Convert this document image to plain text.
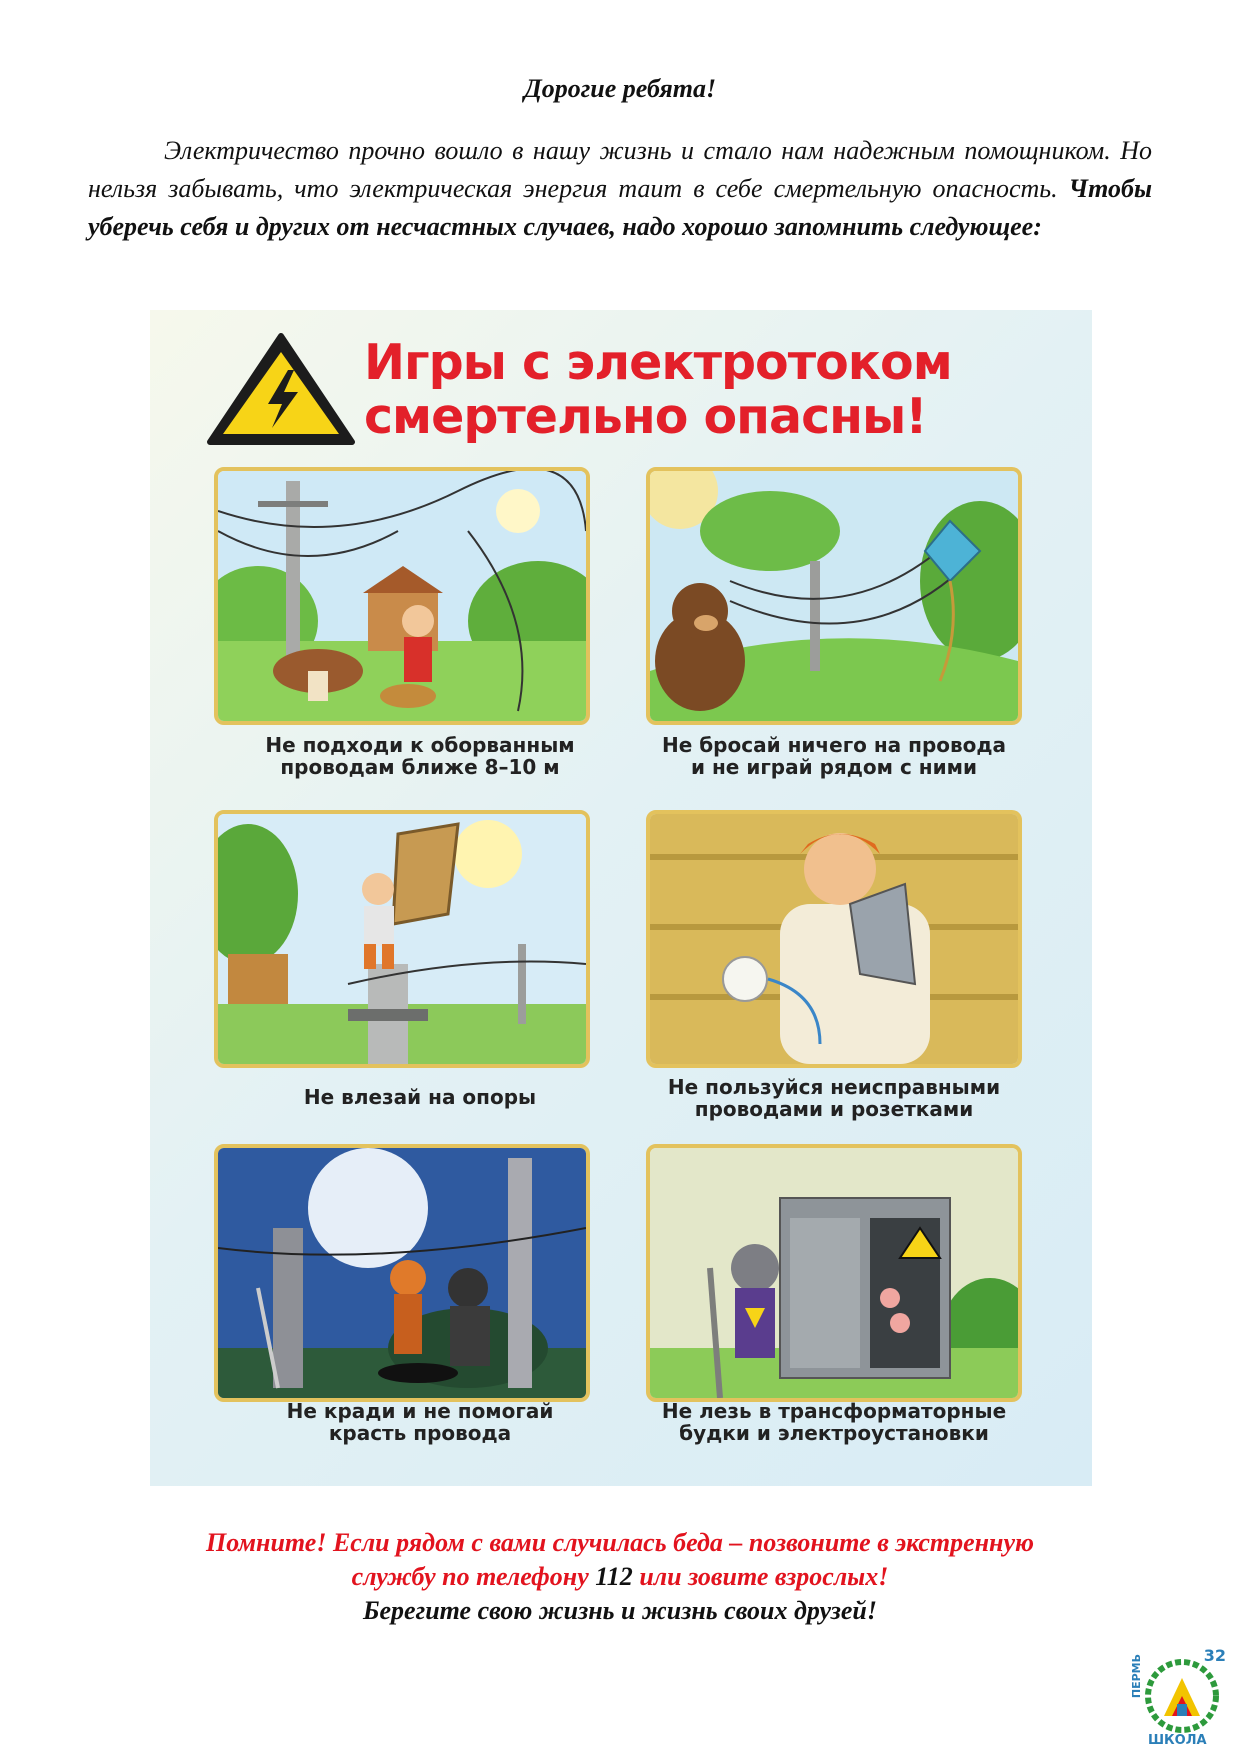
Дорогие ребята!
Электричество прочно вошло в нашу жизнь и стало нам надежным помощником. Но нельзя забывать, что электрическая энергия таит в себе смертельную опасность. Чтобы уберечь себя и других от несчастных случаев, надо хорошо запомнить следующее:
Игры с электротоком
смертельно опасны!
Не подходи к оборванным
проводам ближе 8–10 м
Не бросай ничего на провода
и не играй рядом с ними
Не влезай на опоры	Не пользуйся неисправными
проводами и розетками
Не кради и не помогай
красть провода
Не лезь в трансформаторные
будки и электроустановки
Помните! Если рядом с вами случилась беда – позвоните в экстренную
службу по телефону 112 или зовите взрослых!
Берегите свою жизнь и жизнь своих друзей!
32
ПЕРМЬ
ШКОЛА
